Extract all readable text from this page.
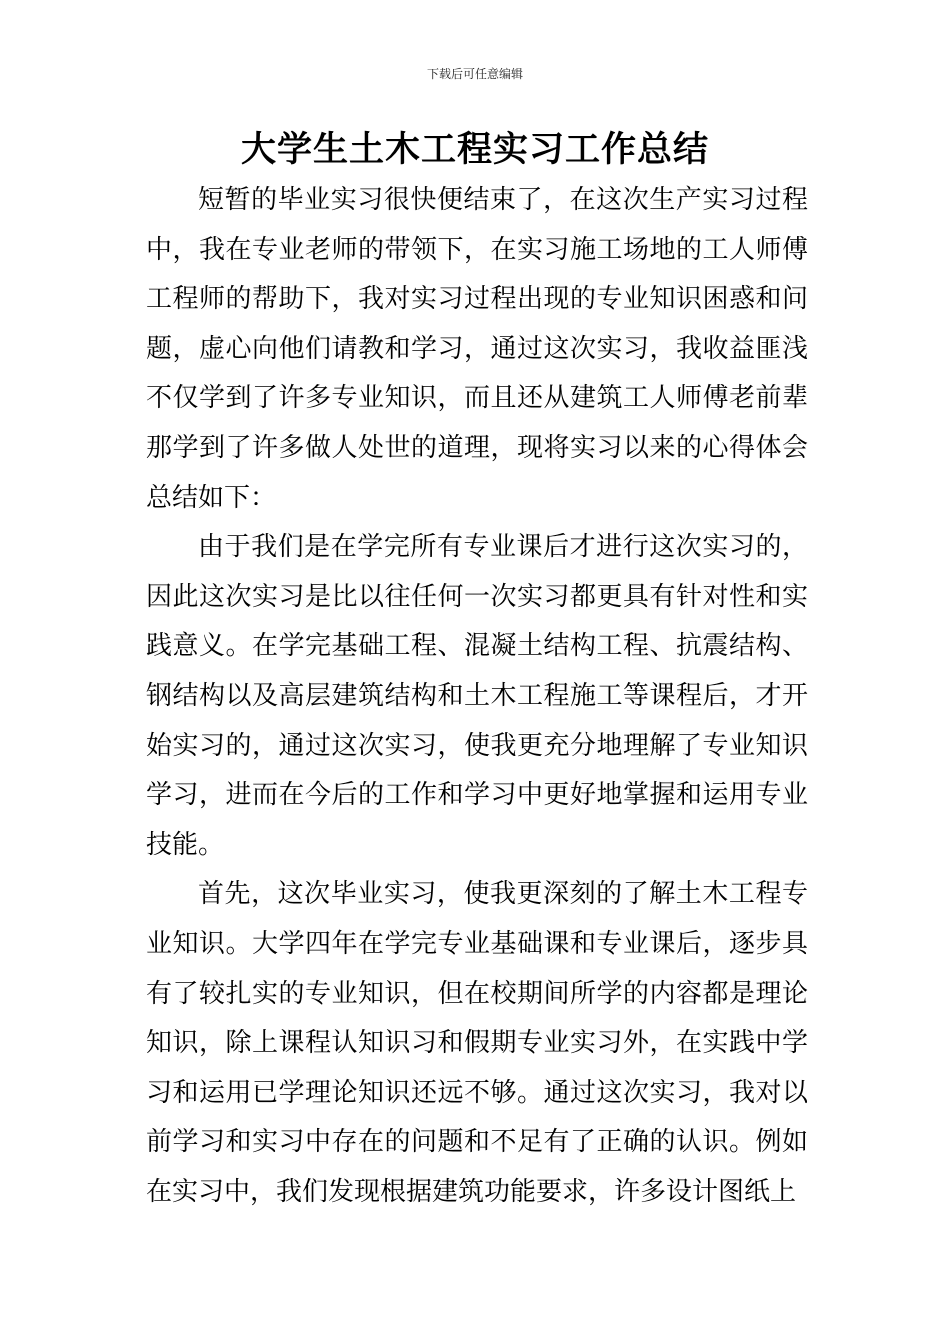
下载后可任意编辑
大学生土木工程实习工作总结

短暂的毕业实习很快便结束了，在这次生产实习过程中，我在专业老师的带领下，在实习施工场地的工人师傅工程师的帮助下，我对实习过程出现的专业知识困惑和问题，虚心向他们请教和学习，通过这次实习，我收益匪浅不仅学到了许多专业知识，而且还从建筑工人师傅老前辈那学到了许多做人处世的道理，现将实习以来的心得体会总结如下：

由于我们是在学完所有专业课后才进行这次实习的，因此这次实习是比以往任何一次实习都更具有针对性和实践意义。在学完基础工程、混凝土结构工程、抗震结构、钢结构以及高层建筑结构和土木工程施工等课程后，才开始实习的，通过这次实习，使我更充分地理解了专业知识学习，进而在今后的工作和学习中更好地掌握和运用专业技能。

首先，这次毕业实习，使我更深刻的了解土木工程专业知识。大学四年在学完专业基础课和专业课后，逐步具有了较扎实的专业知识，但在校期间所学的内容都是理论知识，除上课程认知识习和假期专业实习外，在实践中学习和运用已学理论知识还远不够。通过这次实习，我对以前学习和实习中存在的问题和不足有了正确的认识。例如在实习中，我们发现根据建筑功能要求，许多设计图纸上
